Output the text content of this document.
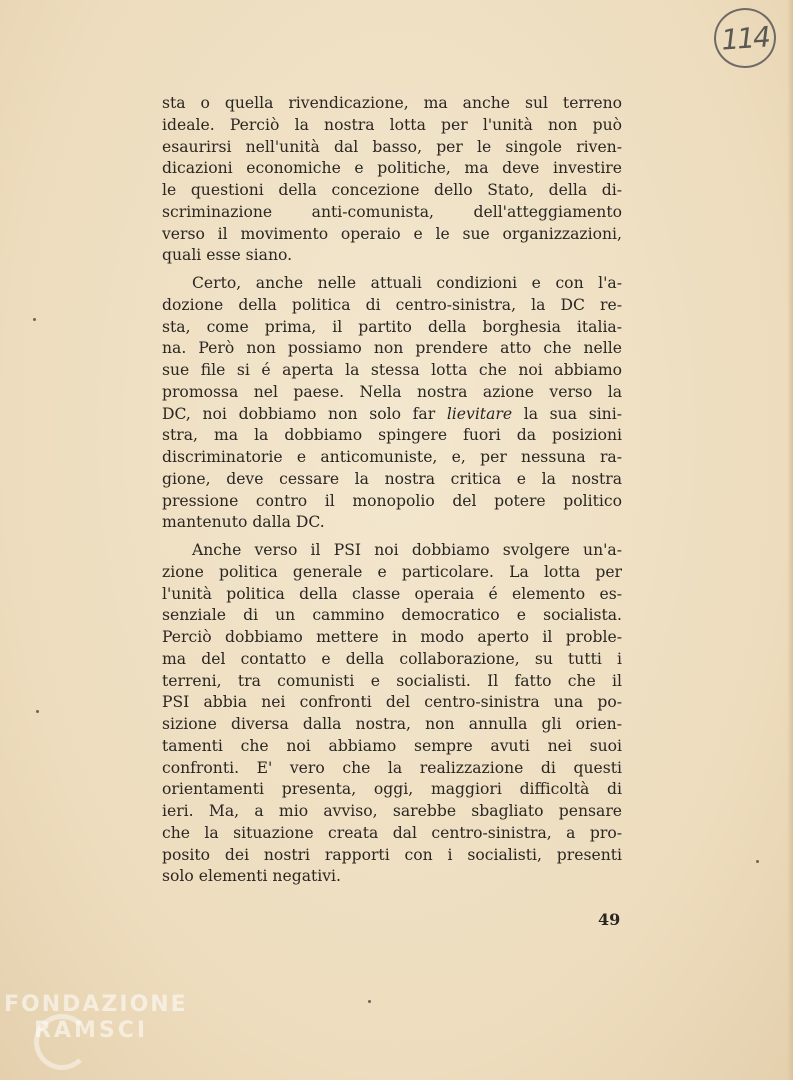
114

sta o quella rivendicazione, ma anche sul terreno
ideale. Perciò la nostra lotta per l'unità non può
esaurirsi nell'unità dal basso, per le singole riven-
dicazioni economiche e politiche, ma deve investire
le questioni della concezione dello Stato, della di-
scriminazione anti-comunista, dell'atteggiamento
verso il movimento operaio e le sue organizzazioni,
quali esse siano.

Certo, anche nelle attuali condizioni e con l'a-
dozione della politica di centro-sinistra, la DC re-
sta, come prima, il partito della borghesia italia-
na. Però non possiamo non prendere atto che nelle
sue file si é aperta la stessa lotta che noi abbiamo
promossa nel paese. Nella nostra azione verso la
DC, noi dobbiamo non solo far lievitare la sua sini-
stra, ma la dobbiamo spingere fuori da posizioni
discriminatorie e anticomuniste, e, per nessuna ra-
gione, deve cessare la nostra critica e la nostra
pressione contro il monopolio del potere politico
mantenuto dalla DC.

Anche verso il PSI noi dobbiamo svolgere un'a-
zione politica generale e particolare. La lotta per
l'unità politica della classe operaia é elemento es-
senziale di un cammino democratico e socialista.
Perciò dobbiamo mettere in modo aperto il proble-
ma del contatto e della collaborazione, su tutti i
terreni, tra comunisti e socialisti. Il fatto che il
PSI abbia nei confronti del centro-sinistra una po-
sizione diversa dalla nostra, non annulla gli orien-
tamenti che noi abbiamo sempre avuti nei suoi
confronti. E' vero che la realizzazione di questi
orientamenti presenta, oggi, maggiori difficoltà di
ieri. Ma, a mio avviso, sarebbe sbagliato pensare
che la situazione creata dal centro-sinistra, a pro-
posito dei nostri rapporti con i socialisti, presenti
solo elementi negativi.

49
FONDAZIONE
RAMSCI
